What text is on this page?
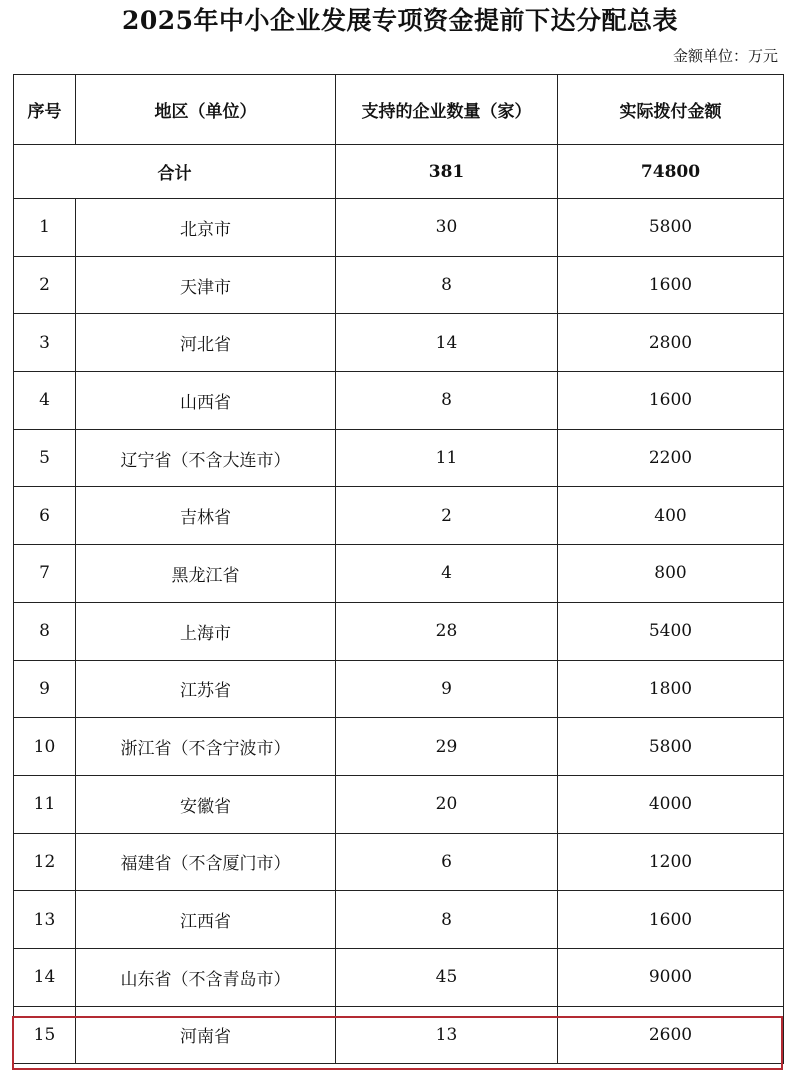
2025年中小企业发展专项资金提前下达分配总表
金额单位：万元
序号	地区（单位）	支持的企业数量（家）	实际拨付金额
合计		381	74800
1	北京市	30	5800
2	天津市	8	1600
3	河北省	14	2800
4	山西省	8	1600
5	辽宁省（不含大连市）	11	2200
6	吉林省	2	400
7	黑龙江省	4	800
8	上海市	28	5400
9	江苏省	9	1800
10	浙江省（不含宁波市）	29	5800
11	安徽省	20	4000
12	福建省（不含厦门市）	6	1200
13	江西省	8	1600
14	山东省（不含青岛市）	45	9000
15	河南省	13	2600
